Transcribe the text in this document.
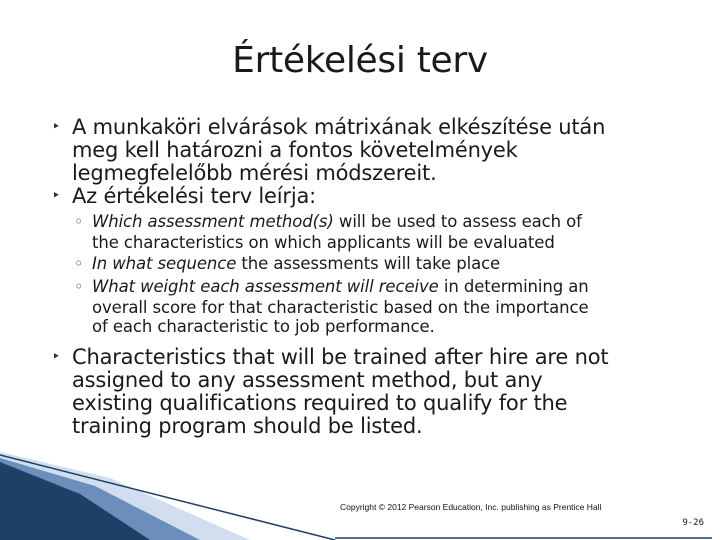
Értékelési terv
‣ A munkaköri elvárások mátrixának elkészítése után
meg kell határozni a fontos követelmények
legmegfelelőbb mérési módszereit.
‣ Az értékelési terv leírja:
◦ Which assessment method(s) will be used to assess each of
the characteristics on which applicants will be evaluated
◦ In what sequence the assessments will take place
◦ What weight each assessment will receive in determining an
overall score for that characteristic based on the importance
of each characteristic to job performance.
‣ Characteristics that will be trained after hire are not
assigned to any assessment method, but any
existing qualifications required to qualify for the
training program should be listed.
Copyright © 2012 Pearson Education, Inc. publishing as Prentice Hall
9-26
